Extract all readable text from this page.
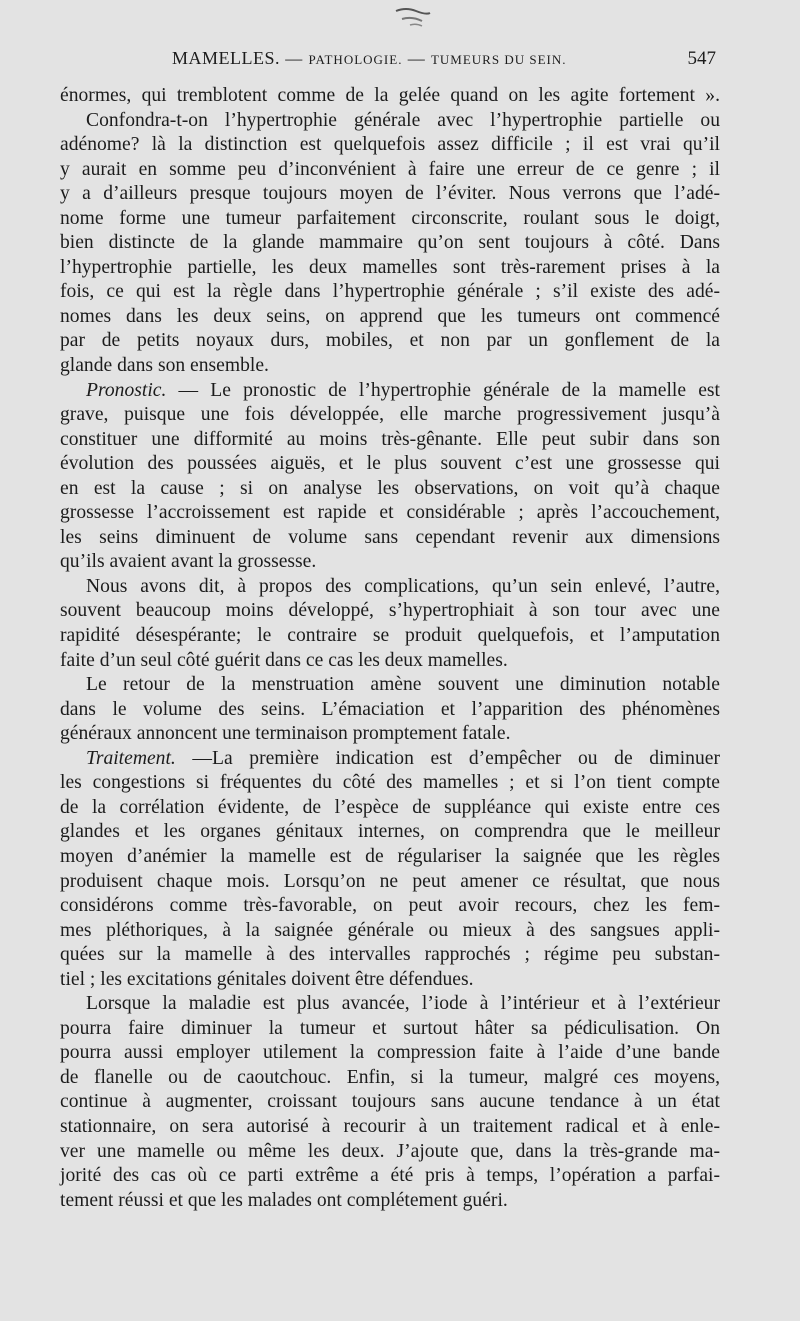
MAMELLES. — PATHOLOGIE. — TUMEURS DU SEIN.	547
énormes, qui tremblotent comme de la gelée quand on les agite fortement ».
Confondra-t-on l’hypertrophie générale avec l’hypertrophie partielle ou
adénome? là la distinction est quelquefois assez difficile ; il est vrai qu’il
y aurait en somme peu d’inconvénient à faire une erreur de ce genre ; il
y a d’ailleurs presque toujours moyen de l’éviter. Nous verrons que l’adé-
nome forme une tumeur parfaitement circonscrite, roulant sous le doigt,
bien distincte de la glande mammaire qu’on sent toujours à côté. Dans
l’hypertrophie partielle, les deux mamelles sont très-rarement prises à la
fois, ce qui est la règle dans l’hypertrophie générale ; s’il existe des adé-
nomes dans les deux seins, on apprend que les tumeurs ont commencé
par de petits noyaux durs, mobiles, et non par un gonflement de la
glande dans son ensemble.
Pronostic. — Le pronostic de l’hypertrophie générale de la mamelle est
grave, puisque une fois développée, elle marche progressivement jusqu’à
constituer une difformité au moins très-gênante. Elle peut subir dans son
évolution des poussées aiguës, et le plus souvent c’est une grossesse qui
en est la cause ; si on analyse les observations, on voit qu’à chaque
grossesse l’accroissement est rapide et considérable ; après l’accouchement,
les seins diminuent de volume sans cependant revenir aux dimensions
qu’ils avaient avant la grossesse.
Nous avons dit, à propos des complications, qu’un sein enlevé, l’autre,
souvent beaucoup moins développé, s’hypertrophiait à son tour avec une
rapidité désespérante; le contraire se produit quelquefois, et l’amputation
faite d’un seul côté guérit dans ce cas les deux mamelles.
Le retour de la menstruation amène souvent une diminution notable
dans le volume des seins. L’émaciation et l’apparition des phénomènes
généraux annoncent une terminaison promptement fatale.
Traitement. —La première indication est d’empêcher ou de diminuer
les congestions si fréquentes du côté des mamelles ; et si l’on tient compte
de la corrélation évidente, de l’espèce de suppléance qui existe entre ces
glandes et les organes génitaux internes, on comprendra que le meilleur
moyen d’anémier la mamelle est de régulariser la saignée que les règles
produisent chaque mois. Lorsqu’on ne peut amener ce résultat, que nous
considérons comme très-favorable, on peut avoir recours, chez les fem-
mes pléthoriques, à la saignée générale ou mieux à des sangsues appli-
quées sur la mamelle à des intervalles rapprochés ; régime peu substan-
tiel ; les excitations génitales doivent être défendues.
Lorsque la maladie est plus avancée, l’iode à l’intérieur et à l’extérieur
pourra faire diminuer la tumeur et surtout hâter sa pédiculisation. On
pourra aussi employer utilement la compression faite à l’aide d’une bande
de flanelle ou de caoutchouc. Enfin, si la tumeur, malgré ces moyens,
continue à augmenter, croissant toujours sans aucune tendance à un état
stationnaire, on sera autorisé à recourir à un traitement radical et à enle-
ver une mamelle ou même les deux. J’ajoute que, dans la très-grande ma-
jorité des cas où ce parti extrême a été pris à temps, l’opération a parfai-
tement réussi et que les malades ont complétement guéri.
